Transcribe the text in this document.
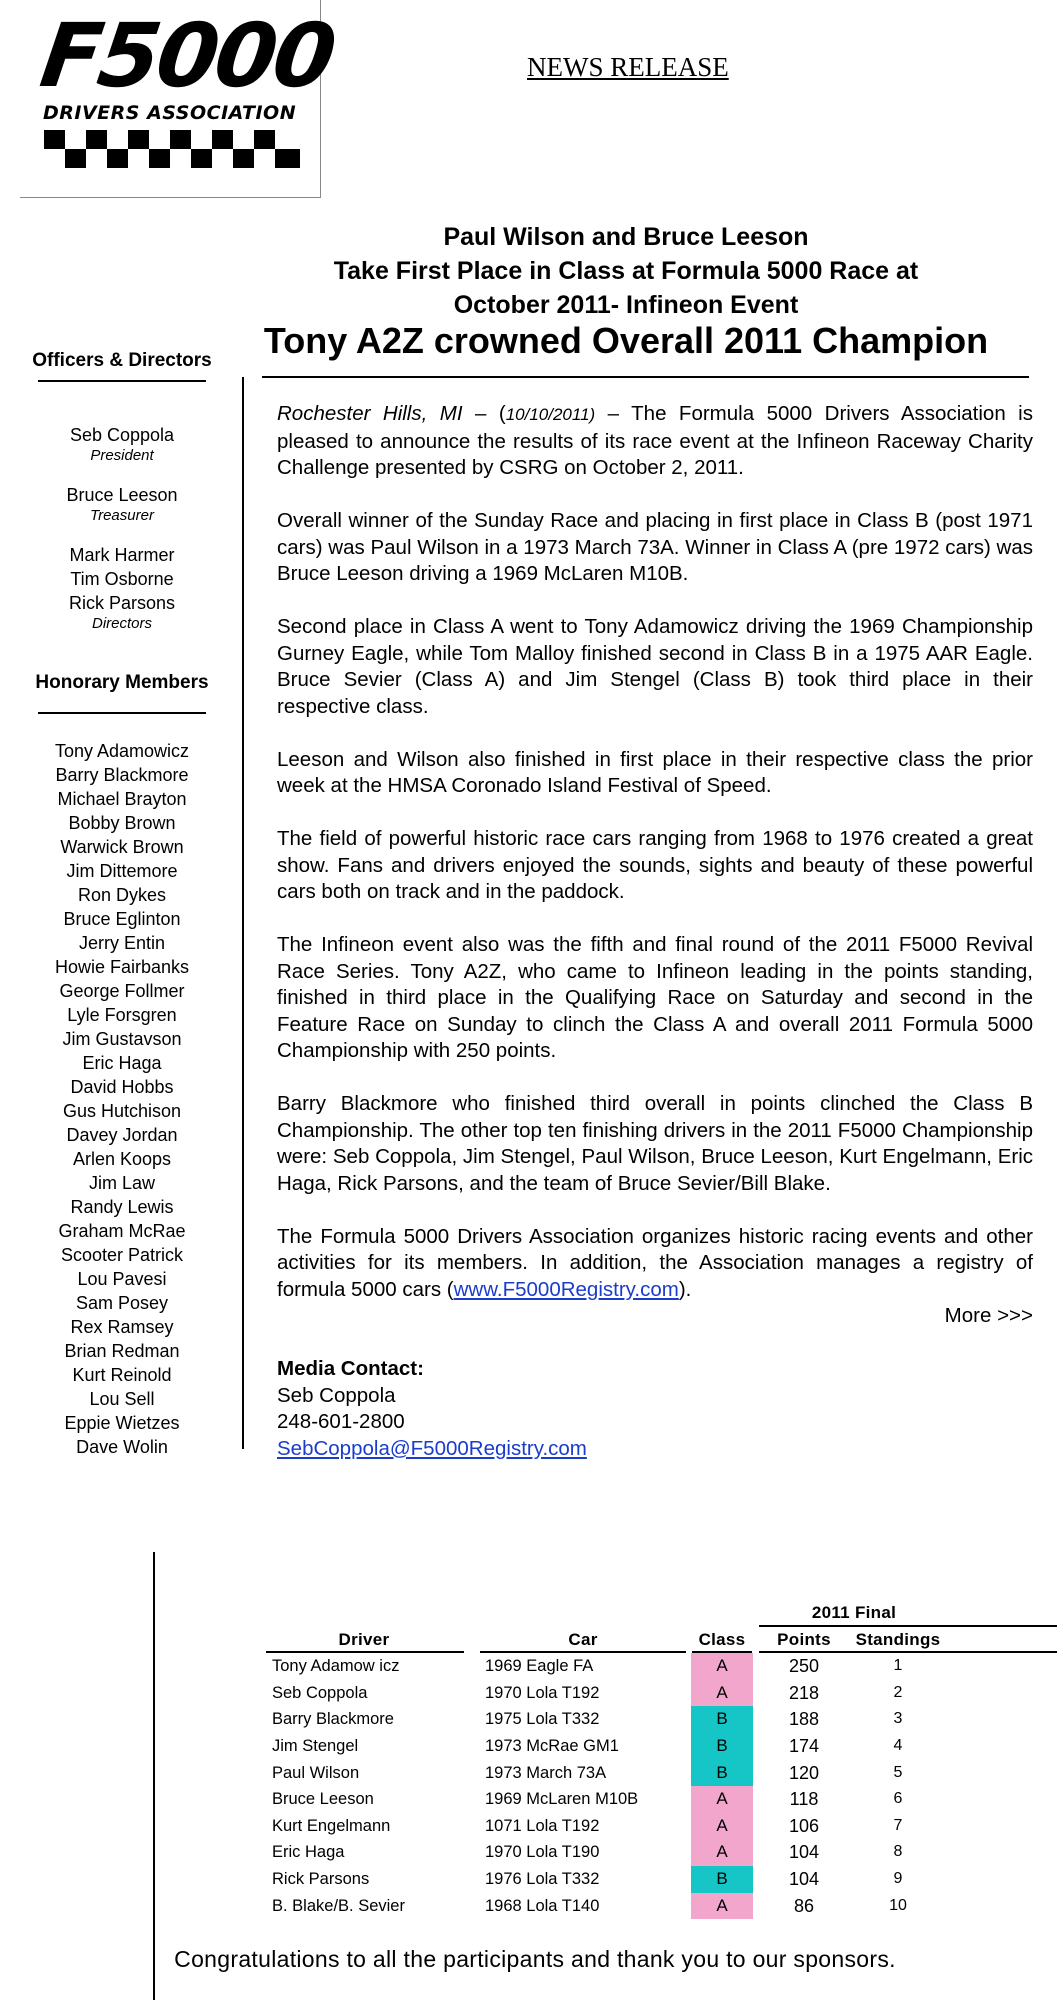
F5000
DRIVERS ASSOCIATION
NEWS RELEASE
Paul Wilson and Bruce Leeson
Take First Place in Class at Formula 5000 Race at
October 2011- Infineon Event
Tony A2Z crowned Overall 2011 Champion
Officers & Directors
Seb Coppola
President
Bruce Leeson
Treasurer
Mark Harmer
Tim Osborne
Rick Parsons
Directors
Honorary Members
Tony Adamowicz
Barry Blackmore
Michael Brayton
Bobby Brown
Warwick Brown
Jim Dittemore
Ron Dykes
Bruce Eglinton
Jerry Entin
Howie Fairbanks
George Follmer
Lyle Forsgren
Jim Gustavson
Eric Haga
David Hobbs
Gus Hutchison
Davey Jordan
Arlen Koops
Jim Law
Randy Lewis
Graham McRae
Scooter Patrick
Lou Pavesi
Sam Posey
Rex Ramsey
Brian Redman
Kurt Reinold
Lou Sell
Eppie Wietzes
Dave Wolin

Rochester Hills, MI – (10/10/2011) – The Formula 5000 Drivers Association is pleased to announce the results of its race event at the Infineon Raceway Charity Challenge presented by CSRG on October 2, 2011.

Overall winner of the Sunday Race and placing in first place in Class B (post 1971 cars) was Paul Wilson in a 1973 March 73A. Winner in Class A (pre 1972 cars) was Bruce Leeson driving a 1969 McLaren M10B.

Second place in Class A went to Tony Adamowicz driving the 1969 Championship Gurney Eagle, while Tom Malloy finished second in Class B in a 1975 AAR Eagle. Bruce Sevier (Class A) and Jim Stengel (Class B) took third place in their respective class.

Leeson and Wilson also finished in first place in their respective class the prior week at the HMSA Coronado Island Festival of Speed.

The field of powerful historic race cars ranging from 1968 to 1976 created a great show. Fans and drivers enjoyed the sounds, sights and beauty of these powerful cars both on track and in the paddock.

The Infineon event also was the fifth and final round of the 2011 F5000 Revival Race Series. Tony A2Z, who came to Infineon leading in the points standing, finished in third place in the Qualifying Race on Saturday and second in the Feature Race on Sunday to clinch the Class A and overall 2011 Formula 5000 Championship with 250 points.

Barry Blackmore who finished third overall in points clinched the Class B Championship. The other top ten finishing drivers in the 2011 F5000 Championship were: Seb Coppola, Jim Stengel, Paul Wilson, Bruce Leeson, Kurt Engelmann, Eric Haga, Rick Parsons, and the team of Bruce Sevier/Bill Blake.

The Formula 5000 Drivers Association organizes historic racing events and other activities for its members. In addition, the Association manages a registry of formula 5000 cars (www.F5000Registry.com).

More >>>

Media Contact:

Seb Coppola

248-601-2800

SebCoppola@F5000Registry.com

2011 Final
Driver	Car	Class	Points	Standings
Tony Adamow icz	1969 Eagle FA	A	250	1
Seb Coppola	1970 Lola T192	A	218	2
Barry Blackmore	1975 Lola T332	B	188	3
Jim Stengel	1973 McRae GM1	B	174	4
Paul Wilson	1973 March 73A	B	120	5
Bruce Leeson	1969 McLaren M10B	A	118	6
Kurt Engelmann	1071 Lola T192	A	106	7
Eric Haga	1970 Lola T190	A	104	8
Rick Parsons	1976 Lola T332	B	104	9
B. Blake/B. Sevier	1968 Lola T140	A	86	10
Congratulations to all the participants and thank you to our sponsors.
